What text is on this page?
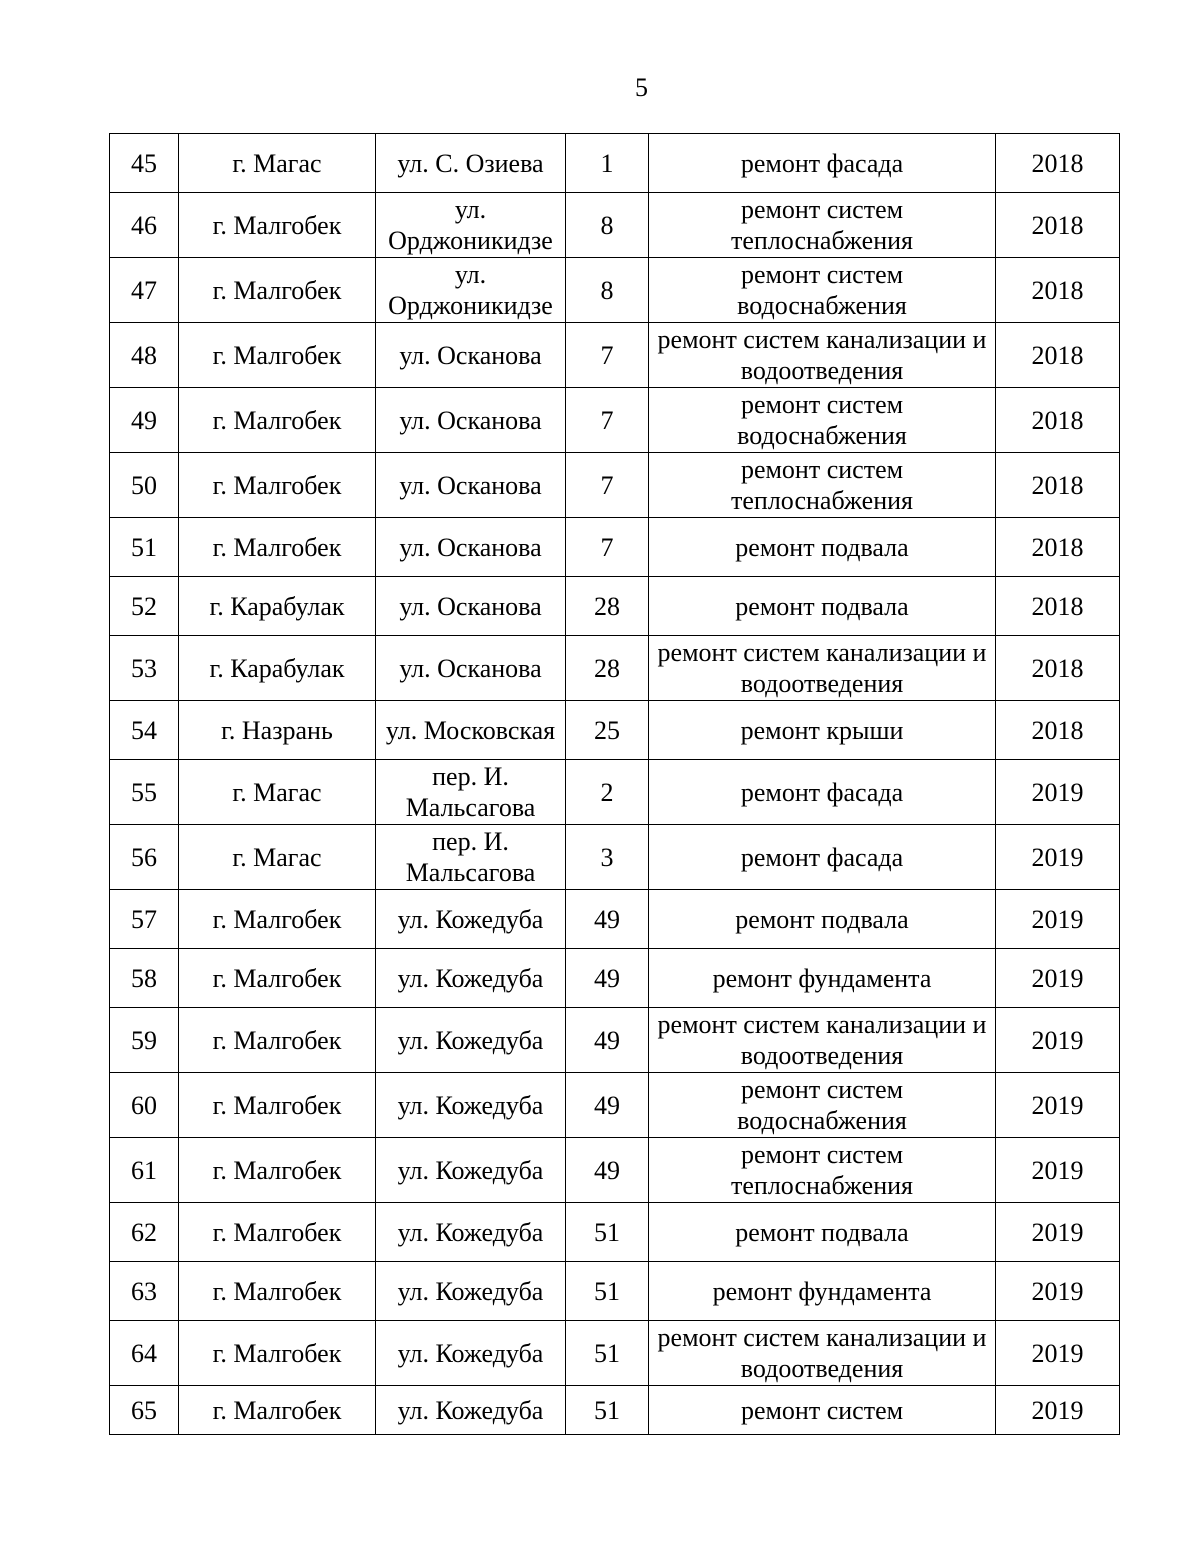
5
45	г. Магас	ул. С. Озиева	1	ремонт фасада	2018
46	г. Малгобек	ул. Орджоникидзе	8	ремонт систем теплоснабжения	2018
47	г. Малгобек	ул. Орджоникидзе	8	ремонт систем водоснабжения	2018
48	г. Малгобек	ул. Осканова	7	ремонт систем канализации и водоотведения	2018
49	г. Малгобек	ул. Осканова	7	ремонт систем водоснабжения	2018
50	г. Малгобек	ул. Осканова	7	ремонт систем теплоснабжения	2018
51	г. Малгобек	ул. Осканова	7	ремонт подвала	2018
52	г. Карабулак	ул. Осканова	28	ремонт подвала	2018
53	г. Карабулак	ул. Осканова	28	ремонт систем канализации и водоотведения	2018
54	г. Назрань	ул. Московская	25	ремонт крыши	2018
55	г. Магас	пер. И. Мальсагова	2	ремонт фасада	2019
56	г. Магас	пер. И. Мальсагова	3	ремонт фасада	2019
57	г. Малгобек	ул. Кожедуба	49	ремонт подвала	2019
58	г. Малгобек	ул. Кожедуба	49	ремонт фундамента	2019
59	г. Малгобек	ул. Кожедуба	49	ремонт систем канализации и водоотведения	2019
60	г. Малгобек	ул. Кожедуба	49	ремонт систем водоснабжения	2019
61	г. Малгобек	ул. Кожедуба	49	ремонт систем теплоснабжения	2019
62	г. Малгобек	ул. Кожедуба	51	ремонт подвала	2019
63	г. Малгобек	ул. Кожедуба	51	ремонт фундамента	2019
64	г. Малгобек	ул. Кожедуба	51	ремонт систем канализации и водоотведения	2019
65	г. Малгобек	ул. Кожедуба	51	ремонт систем	2019
